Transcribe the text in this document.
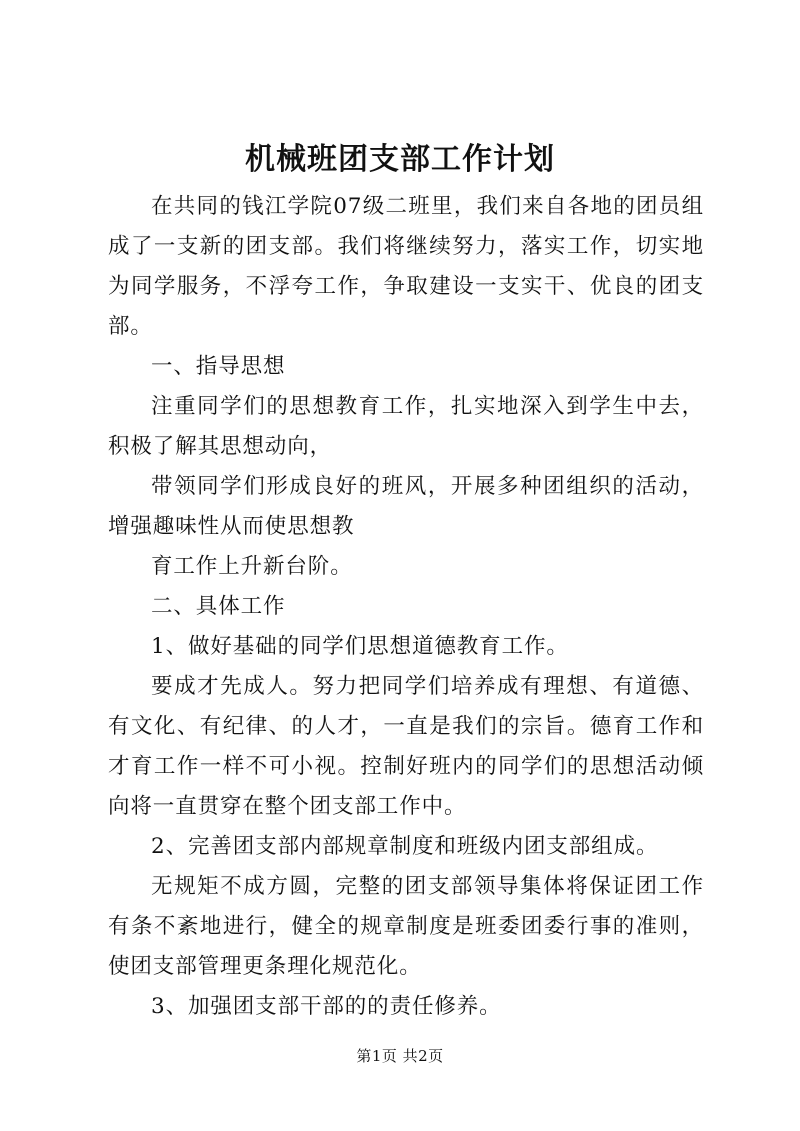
机械班团支部工作计划

在共同的钱江学院07级二班里，我们来自各地的团员组成了一支新的团支部。我们将继续努力，落实工作，切实地为同学服务，不浮夸工作，争取建设一支实干、优良的团支部。

一、指导思想

注重同学们的思想教育工作，扎实地深入到学生中去，积极了解其思想动向，

带领同学们形成良好的班风，开展多种团组织的活动，增强趣味性从而使思想教

育工作上升新台阶。

二、具体工作

1、做好基础的同学们思想道德教育工作。

要成才先成人。努力把同学们培养成有理想、有道德、有文化、有纪律、的人才，一直是我们的宗旨。德育工作和才育工作一样不可小视。控制好班内的同学们的思想活动倾向将一直贯穿在整个团支部工作中。

2、完善团支部内部规章制度和班级内团支部组成。

无规矩不成方圆，完整的团支部领导集体将保证团工作有条不紊地进行，健全的规章制度是班委团委行事的准则，使团支部管理更条理化规范化。

3、加强团支部干部的的责任修养。

第1页 共2页
